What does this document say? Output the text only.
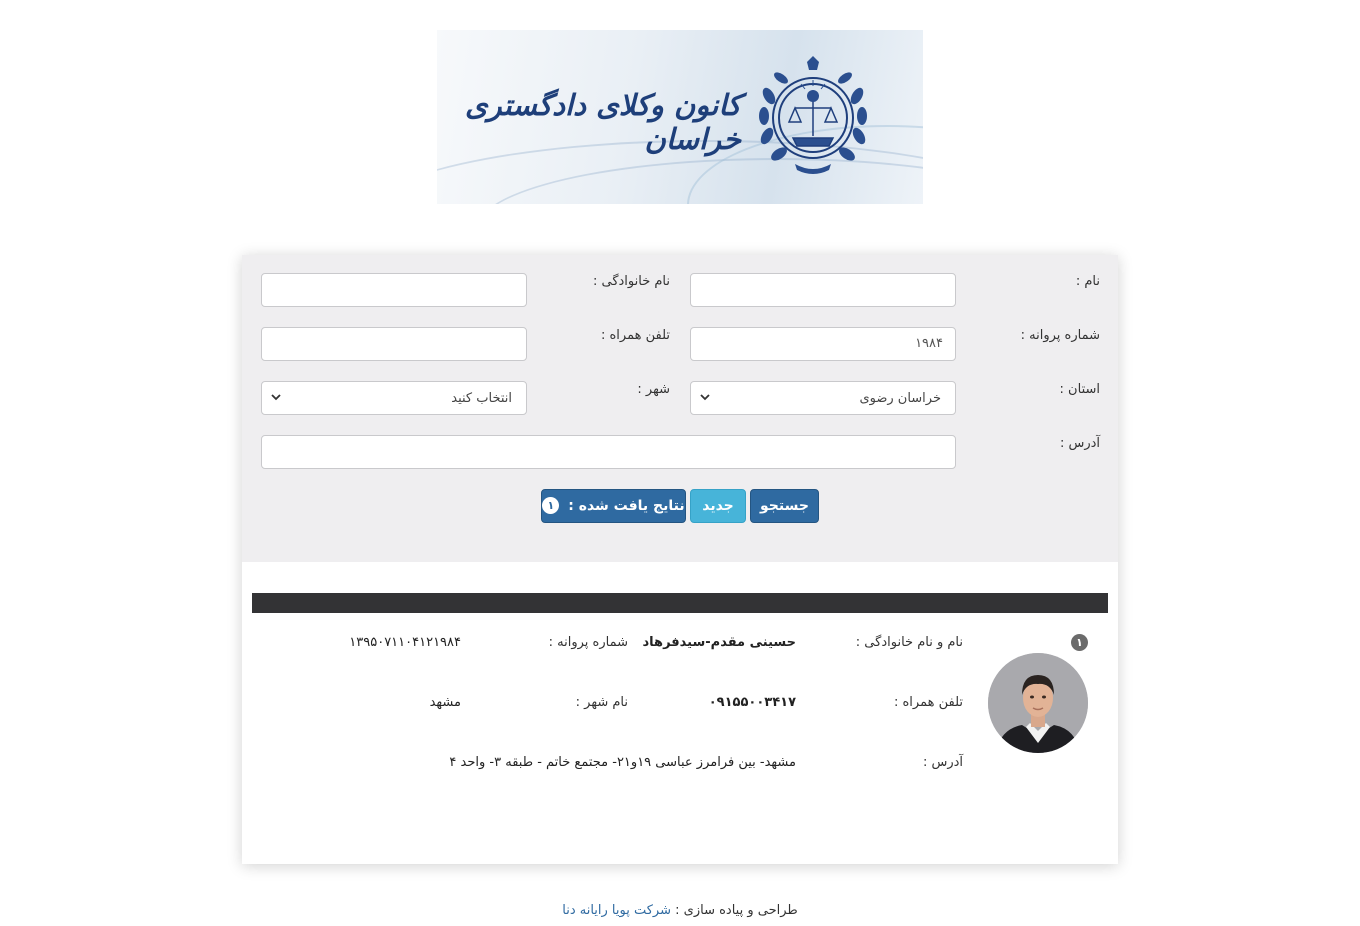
کانون وکلای دادگستری خراسان
نام :
نام خانوادگی :
شماره پروانه :
۱۹۸۴
تلفن همراه :
استان :
خراسان رضوی
شهر :
انتخاب کنید
آدرس :
جستجو
جدید
نتایج یافت شده : ۱
۱
نام و نام خانوادگی :
حسینی مقدم-سیدفرهاد
شماره پروانه :
۱۳۹۵۰۷۱۱۰۴۱۲۱۹۸۴
تلفن همراه :
۰۹۱۵۵۰۰۳۴۱۷
نام شهر :
مشهد
آدرس :
مشهد- بین فرامرز عباسی ۱۹و۲۱- مجتمع خاتم - طبقه ۳- واحد ۴
طراحی و پیاده سازی : شرکت پویا رایانه دنا
